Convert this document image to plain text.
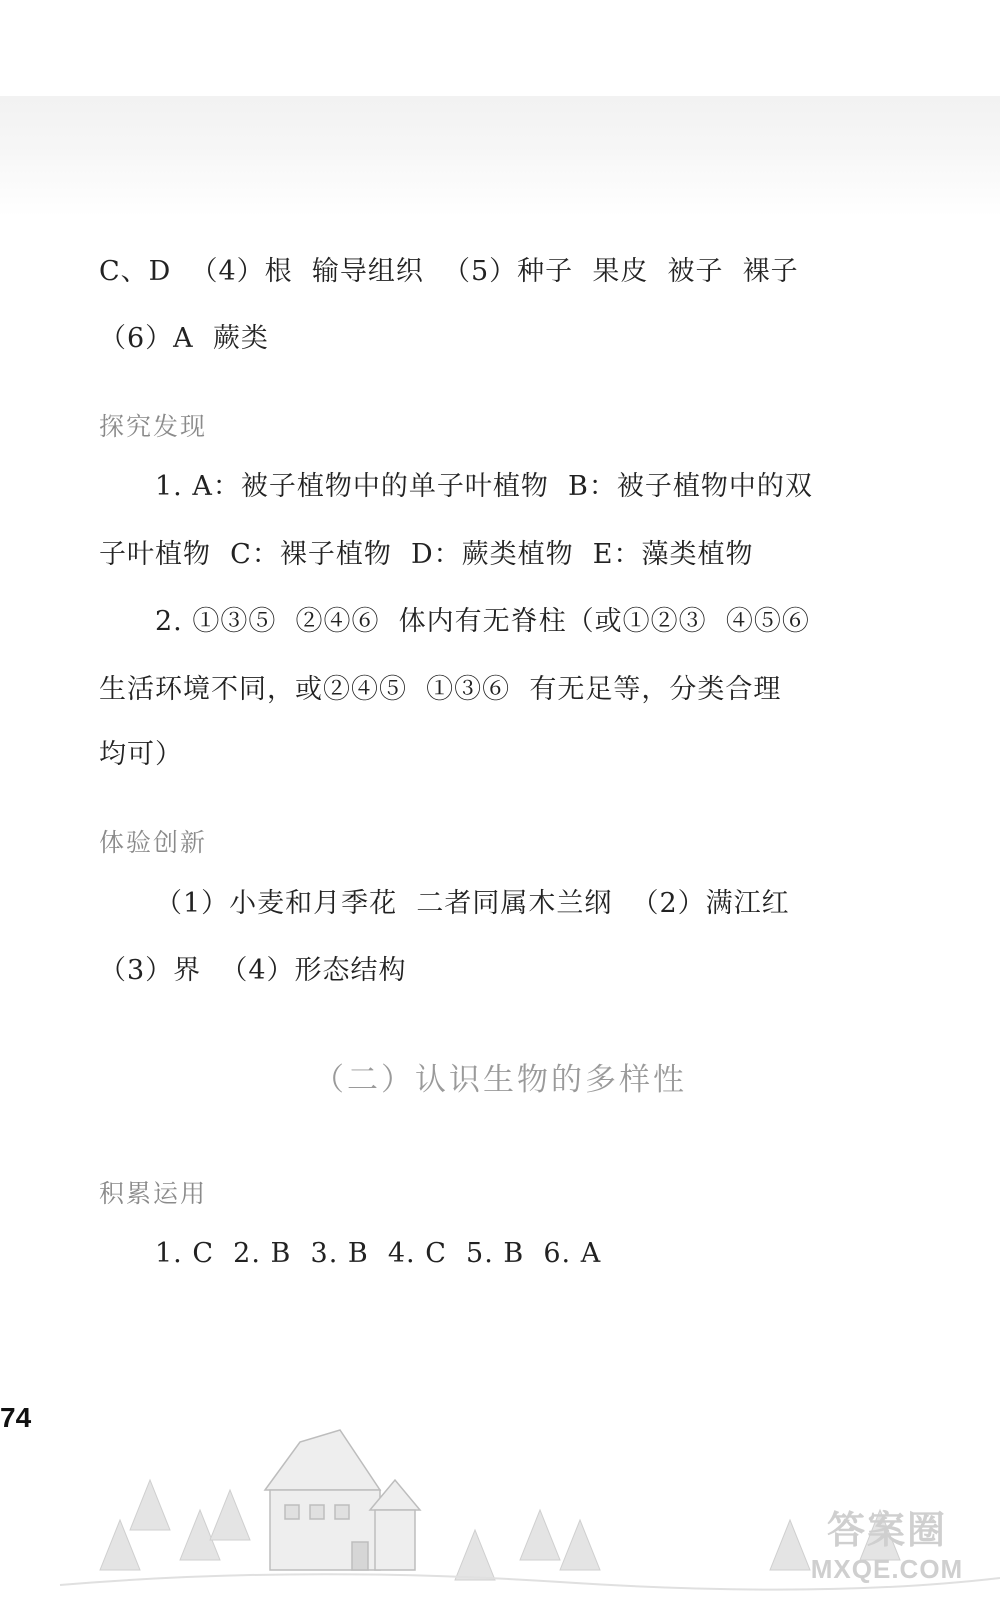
C、D  （4）根  输导组织  （5）种子  果皮  被子  裸子
（6）A  蕨类
探究发现
1. A：被子植物中的单子叶植物  B：被子植物中的双
子叶植物  C：裸子植物  D：蕨类植物  E：藻类植物
2. ①③⑤  ②④⑥  体内有无脊柱（或①②③  ④⑤⑥
生活环境不同，或②④⑤  ①③⑥  有无足等，分类合理
均可）
体验创新
（1）小麦和月季花  二者同属木兰纲  （2）满江红
（3）界  （4）形态结构
（二）认识生物的多样性
积累运用
1. C  2. B  3. B  4. C  5. B  6. A
74
答案圈
MXQE.COM
